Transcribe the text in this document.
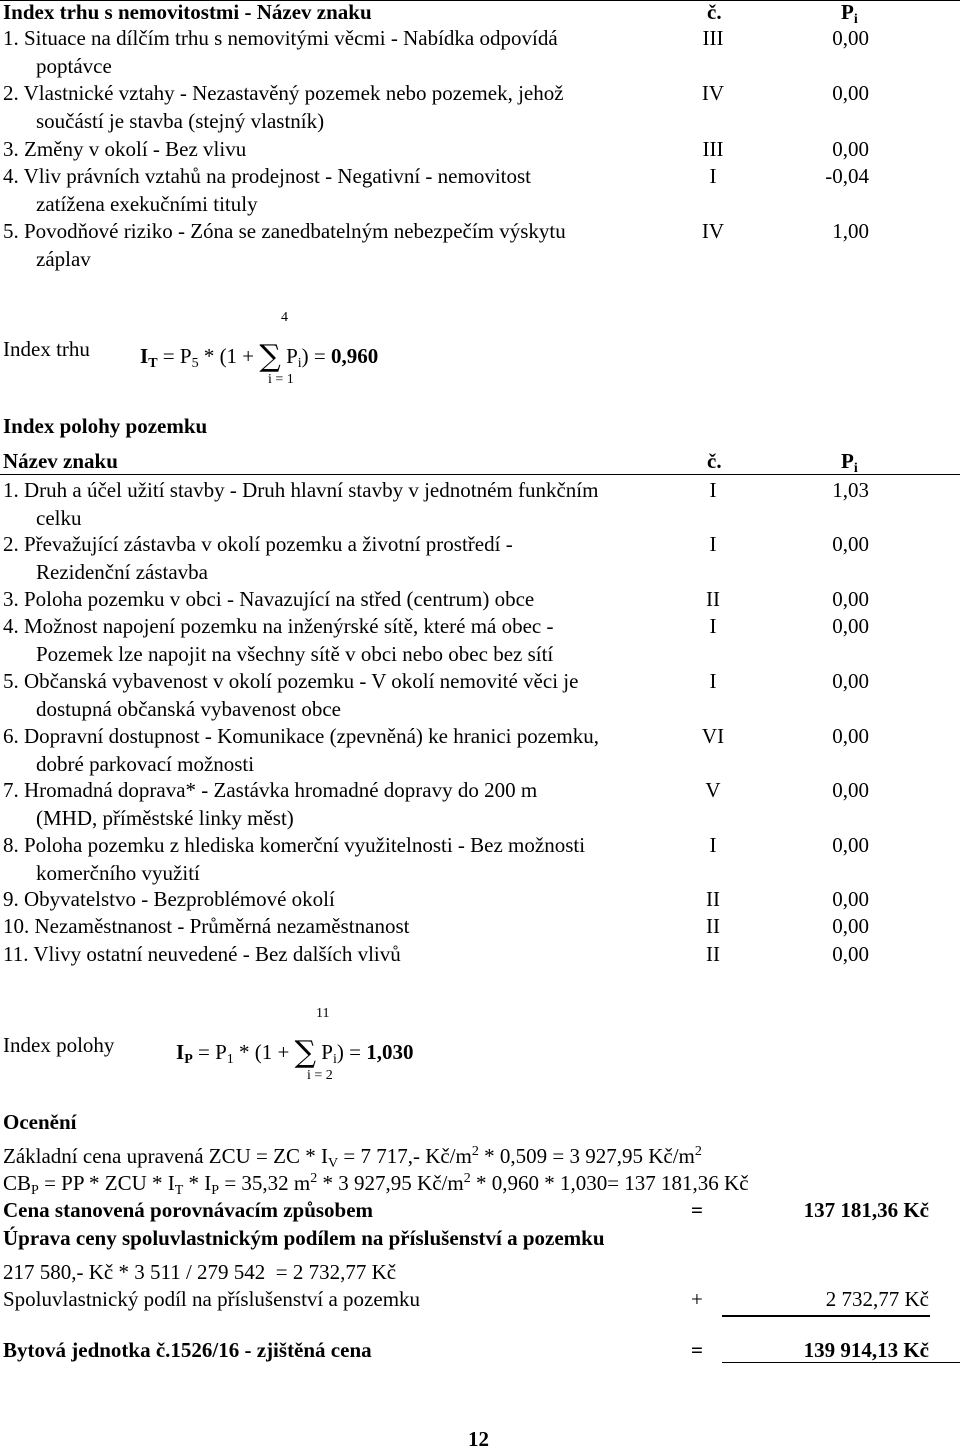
Index trhu s nemovitostmi - Název znaku	č.	$P_i$
1. Situace na dílčím trhu s nemovitými věcmi - Nabídka odpovídá
poptávce
III	0,00
2. Vlastnické vztahy - Nezastavěný pozemek nebo pozemek, jehož
součástí je stavba (stejný vlastník)
IV	0,00
3. Změny v okolí - Bez vlivu	III	0,00
4. Vliv právních vztahů na prodejnost - Negativní - nemovitost
zatížena exekučními tituly
I	-0,04
5. Povodňové riziko - Zóna se zanedbatelným nebezpečím výskytu
záplav
IV	1,00
Index trhu $I_T = P_5 * (1$ + ∑ $P_i) = 0,960$
4
i = 1
Index polohy pozemku
Název znaku	č.	$P_i$
1. Druh a účel užití stavby - Druh hlavní stavby v jednotném funkčním
celku
I	1,03
2. Převažující zástavba v okolí pozemku a životní prostředí -
Rezidenční zástavba
I	0,00
3. Poloha pozemku v obci - Navazující na střed (centrum) obce	II	0,00
4. Možnost napojení pozemku na inženýrské sítě, které má obec -
Pozemek lze napojit na všechny sítě v obci nebo obec bez sítí
I	0,00
5. Občanská vybavenost v okolí pozemku - V okolí nemovité věci je
dostupná občanská vybavenost obce
I	0,00
6. Dopravní dostupnost - Komunikace (zpevněná) ke hranici pozemku,
dobré parkovací možnosti
VI	0,00
7. Hromadná doprava* - Zastávka hromadné dopravy do 200 m
(MHD, příměstské linky měst)
V	0,00
8. Poloha pozemku z hlediska komerční využitelnosti - Bez možnosti
komerčního využití
I	0,00
9. Obyvatelstvo - Bezproblémové okolí	II	0,00
10. Nezaměstnanost - Průměrná nezaměstnanost	II	0,00
11. Vlivy ostatní neuvedené - Bez dalších vlivů	II	0,00
Index polohy	$I_P = P_1 * (1$ + ∑ $P_i) = 1,030$
11
i = 2
Ocenění
Základní cena upravená ZCU = ZC * $I_V = 7$ 717,- $Kč/m^2 * 0,509 = 3$ 927,95 $Kč/m^2$
$CB_P$ = PP * ZCU * $I_T * I_P = 35,32$ $m^2 * 3$ 927,95 $Kč/m^2 * 0,960 * 1,030= 137$ 181,36 Kč
Cena stanovená porovnávacím způsobem	=	137 181,36 Kč
Úprava ceny spoluvlastnickým podílem na příslušenství a pozemku
217 580,- Kč * 3 511 / 279 542  = 2 732,77 Kč
Spoluvlastnický podíl na příslušenství a pozemku	+	2 732,77 Kč
Bytová jednotka č.1526/16 - zjištěná cena	=	139 914,13 Kč
12
